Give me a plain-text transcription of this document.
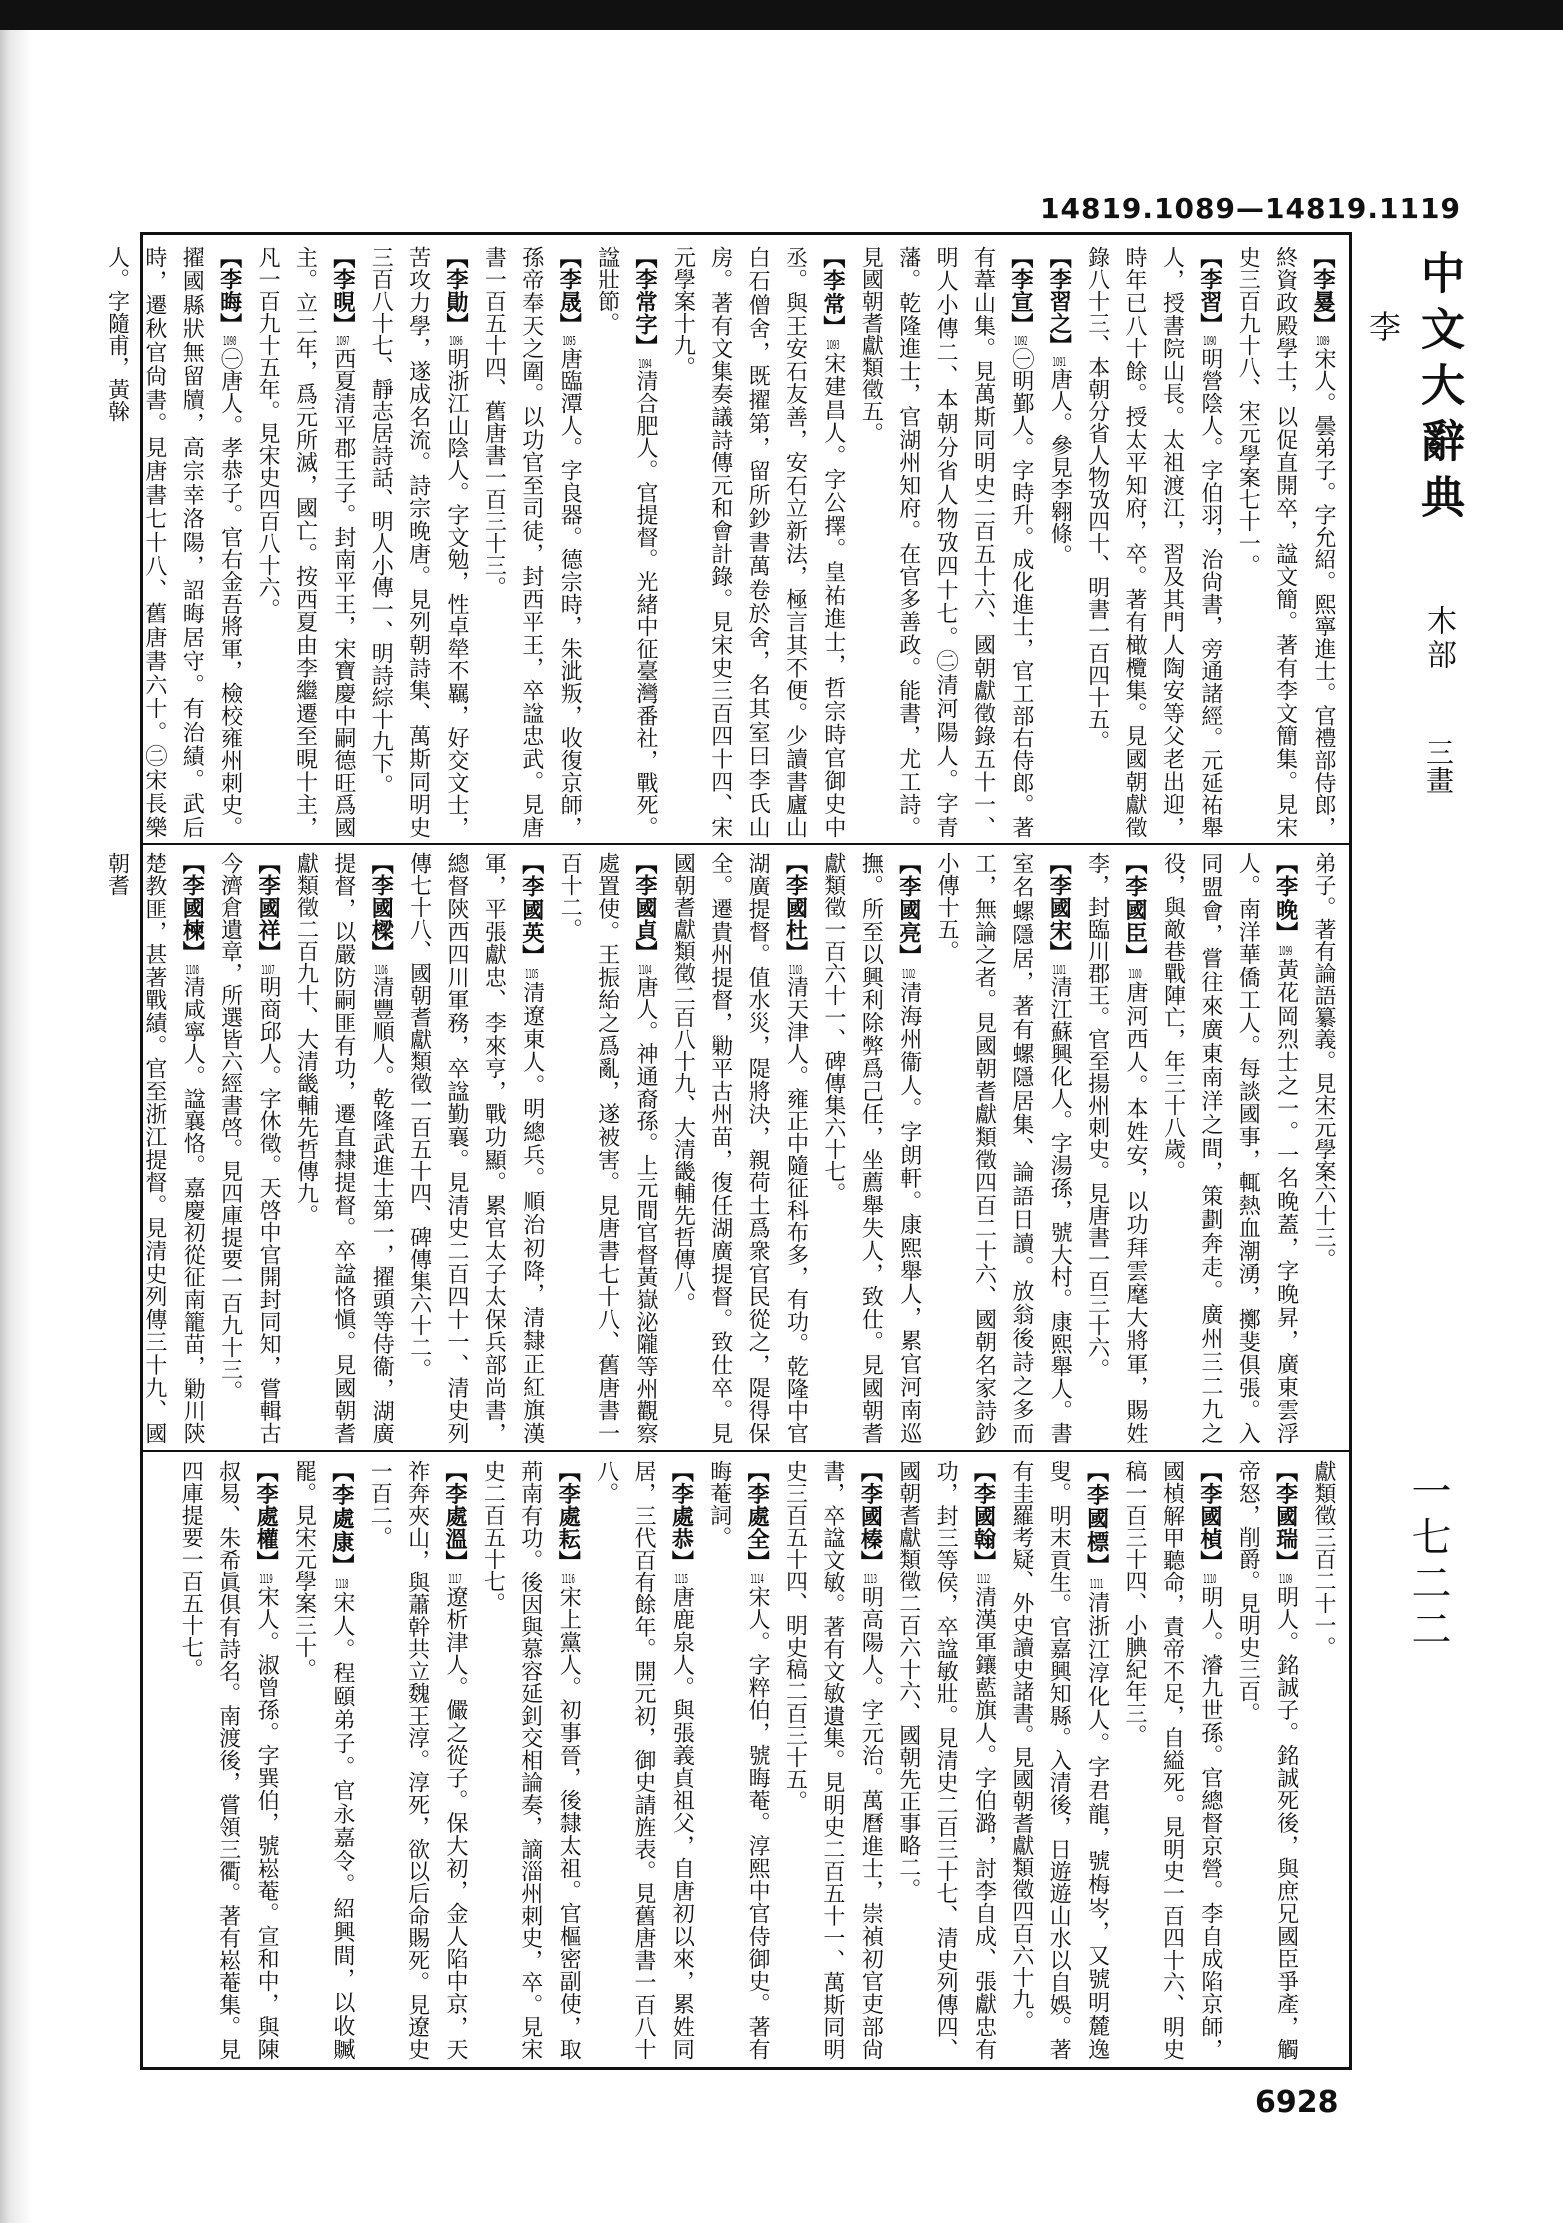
14819.1089—14819.1119
中文大辭典 木部 三畫 李
一七二二
6928
【李㬊】1089宋人。曇弟子。字允紹。熙寧進士。官禮部侍郎，終資政殿學士，以促直開卒，諡文簡。著有李文簡集。見宋史三百九十八、宋元學案七十一。【李習】1090明營陰人。字伯羽，治尙書，旁通諸經。元延祐舉人，授書院山長。太祖渡江，習及其門人陶安等父老出迎，時年已八十餘。授太平知府，卒。著有橄欖集。見國朝獻徵錄八十三、本朝分省人物攷四十、明書一百四十五。【李習之】1091唐人。參見李翱條。【李宣】1092㊀明鄞人。字時升。成化進士，官工部右侍郎。著有葦山集。見萬斯同明史二百五十六、國朝獻徵錄五十一、明人小傳二、本朝分省人物攷四十七。㊁清河陽人。字青藩。乾隆進士，官湖州知府。在官多善政。能書，尤工詩。見國朝耆獻類徵五。【李常】1093宋建昌人。字公擇。皇祐進士，哲宗時官御史中丞。與王安石友善，安石立新法，極言其不便。少讀書廬山白石僧舍，既擢第，留所鈔書萬卷於舍，名其室曰李氏山房。著有文集奏議詩傳元和會計錄。見宋史三百四十四、宋元學案十九。【李常字】1094清合肥人。官提督。光緒中征臺灣番社，戰死。諡壯節。【李晟】1095唐臨潭人。字良器。德宗時，朱泚叛，收復京師，孫帝奉天之圍。以功官至司徒，封西平王，卒諡忠武。見唐書一百五十四、舊唐書一百三十三。【李勛】1096明浙江山陰人。字文勉，性卓犖不羈，好交文士，苦攻力學，遂成名流。詩宗晚唐。見列朝詩集、萬斯同明史三百八十七、靜志居詩話、明人小傳一、明詩綜十九下。【李晛】1097西夏清平郡王子。封南平王，宋寶慶中嗣德旺爲國主。立二年，爲元所滅，國亡。按西夏由李繼遷至晛十主，凡一百九十五年。見宋史四百八十六。【李晦】1098㊀唐人。孝恭子。官右金吾將軍，檢校雍州刺史。擢國縣狀無留牘，高宗幸洛陽，詔晦居守。有治績。武后時，遷秋官尙書。見唐書七十八、舊唐書六十。㊁宋長樂人。字隨甫，黃榦
弟子。著有論語纂義。見宋元學案六十三。【李晚】1099黃花岡烈士之一。一名晚蓋，字晚昇，廣東雲浮人。南洋華僑工人。每談國事，輒熱血潮湧，擲斐俱張。入同盟會，嘗往來廣東南洋之間，策劃奔走。廣州三二九之役，與敵巷戰陣亡，年三十八歲。【李國臣】1100唐河西人。本姓安，以功拜雲麾大將軍，賜姓李，封臨川郡王。官至揚州刺史。見唐書一百三十六。【李國宋】1101清江蘇興化人。字湯孫，號大村。康熙舉人。書室名螺隱居，著有螺隱居集、論語日讀。放翁後詩之多而工，無論之者。見國朝耆獻類徵四百二十六、國朝名家詩鈔小傳十五。【李國亮】1102清海州衞人。字朗軒。康熙舉人，累官河南巡撫。所至以興利除弊爲己任，坐薦舉失人，致仕。見國朝耆獻類徵一百六十一、碑傳集六十七。【李國杜】1103清天津人。雍正中隨征科布多，有功。乾隆中官湖廣提督。值水災，隄將決，親荷土爲衆官民從之，隄得保全。遷貴州提督，勦平古州苗，復任湖廣提督。致仕卒。見國朝耆獻類徵二百八十九、大清畿輔先哲傳八。【李國貞】1104唐人。神通裔孫。上元間官督黃嶽泌隴等州觀察處置使。王振紿之爲亂，遂被害。見唐書七十八、舊唐書一百十二。【李國英】1105清遼東人。明總兵。順治初降，清隸正紅旗漢軍，平張獻忠、李來亨，戰功顯。累官太子太保兵部尚書，總督陝西四川軍務，卒諡勤襄。見清史二百四十一、清史列傳七十八、國朝耆獻類徵一百五十四、碑傳集六十二。【李國樑】1106清豐順人。乾隆武進士第一，擢頭等侍衞，湖廣提督，以嚴防嗣匪有功，遷直隸提督。卒諡恪愼。見國朝耆獻類徵二百九十、大清畿輔先哲傳九。【李國祥】1107明商邱人。字休徵。天啓中官開封同知，嘗輯古今濟倉遺章，所選皆六經書啓。見四庫提要一百九十三。【李國楝】1108清咸寧人。諡襄恪。嘉慶初從征南籠苗，勦川陝楚教匪，甚著戰績。官至浙江提督。見清史列傳三十九、國朝耆
獻類徵三百二十一。【李國瑞】1109明人。銘誠子。銘誠死後，與庶兄國臣爭產，觸帝怒，削爵。見明史三百。【李國楨】1110明人。濬九世孫。官總督京營。李自成陷京師，國楨解甲聽命，責帝不足，自縊死。見明史一百四十六、明史稿一百三十四、小腆紀年三。【李國標】1111清浙江淳化人。字君龍，號梅岑，又號明麓逸叟。明末貢生。官嘉興知縣。入清後，日遊遊山水以自娛。著有圭羅考疑、外史讀史諸書。見國朝耆獻類徵四百六十九。【李國翰】1112清漢軍鑲藍旗人。字伯潞，討李自成、張獻忠有功，封三等侯，卒諡敏壯。見清史二百三十七、清史列傳四、國朝耆獻類徵二百六十六、國朝先正事略二。【李國榛】1113明高陽人。字元治。萬曆進士，崇禎初官吏部尙書，卒諡文敏。著有文敏遺集。見明史二百五十一、萬斯同明史三百五十四、明史稿二百三十五。【李處全】1114宋人。字粹伯，號晦菴。淳熙中官侍御史。著有晦菴詞。【李處恭】1115唐鹿泉人。與張義貞祖父，自唐初以來，累姓同居，三代百有餘年。開元初，御史請旌表。見舊唐書一百八十八。【李處耘】1116宋上黨人。初事晉，後隸太祖。官樞密副使，取荊南有功。後因與慕容延釗交相論奏，謫淄州刺史，卒。見宋史二百五十七。【李處溫】1117遼析津人。儼之從子。保大初，金人陷中京，天祚奔夾山，與蕭幹共立魏王淳。淳死，欲以后命賜死。見遼史一百二。【李處康】1118宋人。程頤弟子。官永嘉令。紹興間，以收贓罷。見宋元學案三十。【李處權】1119宋人。淑曾孫。字巽伯，號崧菴。宣和中，與陳叔易、朱希眞俱有詩名。南渡後，嘗領三衢。著有崧菴集。見四庫提要一百五十七。
